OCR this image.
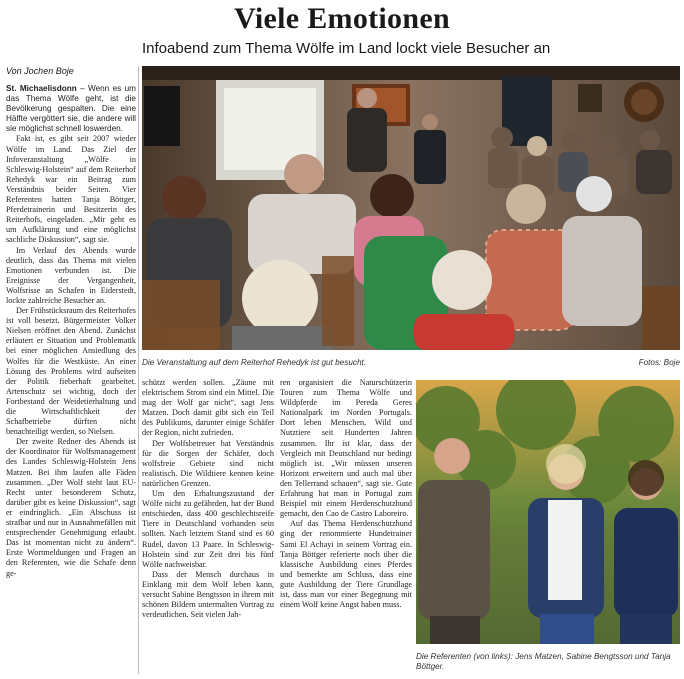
Viele Emotionen
Infoabend zum Thema Wölfe im Land lockt viele Besucher an
Von Jochen Boje

St. Michaelisdonn – Wenn es um das Thema Wölfe geht, ist die Bevölkerung gespalten. Die eine Hälfte vergöttert sie, die andere will sie möglichst schnell loswerden.

Fakt ist, es gibt seit 2007 wieder Wölfe im Land. Das Ziel der Infoveranstaltung „Wölfe in Schleswig-Holstein“ auf dem Reiterhof Rehedyk war ein Beitrag zum Verständnis beider Seiten. Vier Referenten hatten Tanja Böttger, Pferdetrainerin und Besitzerin des Reiterhofs, eingeladen. „Mir geht es um Aufklärung und eine möglichst sachliche Diskussion“, sagt sie.

Im Verlauf des Abends wurde deutlich, dass das Thema mit vielen Emotionen verbunden ist. Die Ereignisse der Vergangenheit, Wolfsrisse an Schafen in Eiderstedt, lockte zahlreiche Besucher an.

Der Frühstücksraum des Reiterhofes ist voll besetzt. Bürgermeister Volker Nielsen eröffnet den Abend. Zunächst erläutert er Situation und Problematik bei einer möglichen Ansiedlung des Wolfes für die Westküste. An einer Lösung des Problems wird aufseiten der Politik fieberhaft gearbeitet. Artenschutz sei wichtig, doch der Fortbestand der Weidetierhaltung und die Wirtschaftlichkeit der Schafbetriebe dürften nicht benachteiligt werden, so Nielsen.

Der zweite Redner des Abends ist der Koordinator für Wolfsmanagement des Landes Schleswig-Holstein Jens Matzen. Bei ihm laufen alle Fäden zusammen. „Der Wolf steht laut EU-Recht unter besonderem Schutz, darüber gibt es keine Diskussion“, sagt er eindringlich. „Ein Abschuss ist strafbar und nur in Ausnahmefällen mit entsprechender Genehmigung erlaubt. Das ist momentan nicht zu ändern“. Erste Wortmeldungen und Fragen an den Referenten, wie die Schafe denn ge-

Die Veranstaltung auf dem Reiterhof Rehedyk ist gut besucht.	Fotos: Boje

schützt werden sollen. „Zäune mit elektrischem Strom sind ein Mittel. Die mag der Wolf gar nicht“, sagt Jens Matzen. Doch damit gibt sich ein Teil des Publikums, darunter einige Schäfer der Region, nicht zufrieden.

Der Wolfsbetreuer hat Verständnis für die Sorgen der Schäfer, doch wolfsfreie Gebiete sind nicht realistisch. Die Wildtiere kennen keine natürlichen Grenzen.

Um den Erhaltungszustand der Wölfe nicht zu gefährden, hat der Bund entschieden, dass 400 geschlechtsreife Tiere in Deutschland vorhanden sein sollten. Nach letztem Stand sind es 60 Rudel, davon 13 Paare. In Schleswig-Holstein sind zur Zeit drei bis fünf Wölfe nachweisbar.

Dass der Mensch durchaus in Einklang mit dem Wolf leben kann, versucht Sabine Bengtsson in ihrem mit schönen Bildern untermalten Vortrag zu verdeutlichen. Seit vielen Jah-

ren organisiert die Naturschützerin Touren zum Thema Wölfe und Wildpferde im Pereda Geres Nationalpark im Norden Portugals. Dort leben Menschen, Wild und Nutztiere seit Hunderten Jahren zusammen. Ihr ist klar, dass der Vergleich mit Deutschland nur bedingt möglich ist. „Wir müssen unseren Horizont erweitern und auch mal über den Tellerrand schauen“, sagt sie. Gute Erfahrung hat man in Portugal zum Beispiel mit einem Herdenschutzhund gemacht, den Cao de Castro Laboreiro.

Auf das Thema Herdenschutzhund ging der renommierte Hundetrainer Sami El Achayi in seinem Vortrag ein. Tanja Böttger referierte noch über die klassische Ausbildung eines Pferdes und bemerkte am Schluss, dass eine gute Ausbildung der Tiere Grundlage ist, dass man vor einer Begegnung mit einem Wolf keine Angst haben muss.

Die Referenten (von links): Jens Matzen, Sabine Bengtsson und Tanja Böttger.
